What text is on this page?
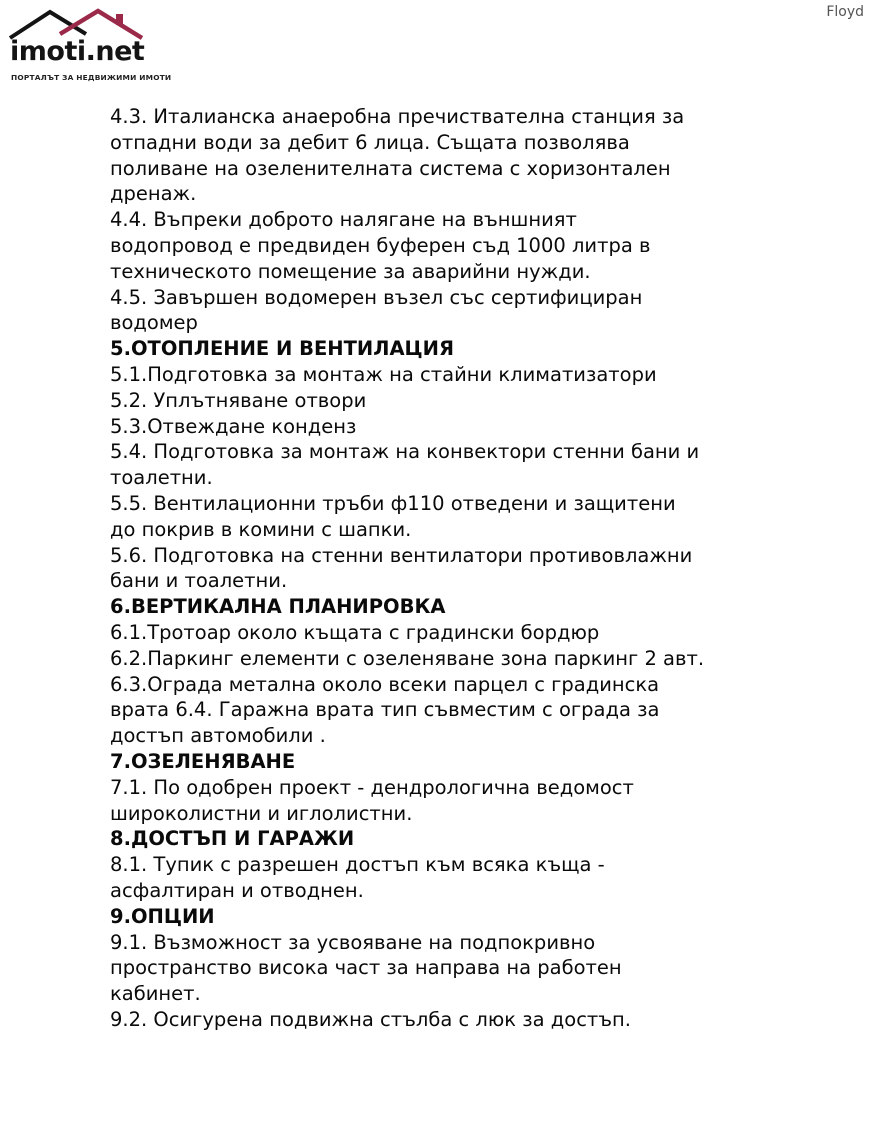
imoti.net
ПОРТАЛЪТ ЗА НЕДВИЖИМИ ИМОТИ
Floyd
4.3. Италианска анаеробна пречиствателна станция за
отпадни води за дебит 6 лица. Същата позволява
поливане на озеленителната система с хоризонтален
дренаж.
4.4. Въпреки доброто налягане на външният
водопровод е предвиден буферен съд 1000 литра в
техническото помещение за аварийни нужди.
4.5. Завършен водомерен възел със сертифициран
водомер
5.ОТОПЛЕНИЕ И ВЕНТИЛАЦИЯ
5.1.Подготовка за монтаж на стайни климатизатори
5.2. Уплътняване отвори
5.3.Отвеждане конденз
5.4. Подготовка за монтаж на конвектори стенни бани и
тоалетни.
5.5. Вентилационни тръби ф110 отведени и защитени
до покрив в комини с шапки.
5.6. Подготовка на стенни вентилатори противовлажни
бани и тоалетни.
6.ВЕРТИКАЛНА ПЛАНИРОВКА
6.1.Тротоар около къщата с градински бордюр
6.2.Паркинг елементи с озеленяване зона паркинг 2 авт.
6.3.Ограда метална около всеки парцел с градинска
врата 6.4. Гаражна врата тип съвместим с ограда за
достъп автомобили .
7.ОЗЕЛЕНЯВАНЕ
7.1. По одобрен проект - дендрологична ведомост
широколистни и иглолистни.
8.ДОСТЪП И ГАРАЖИ
8.1. Тупик с разрешен достъп към всяка къща -
асфалтиран и отводнен.
9.ОПЦИИ
9.1. Възможност за усвояване на подпокривно
пространство висока част за направа на работен
кабинет.
9.2. Осигурена подвижна стълба с люк за достъп.
